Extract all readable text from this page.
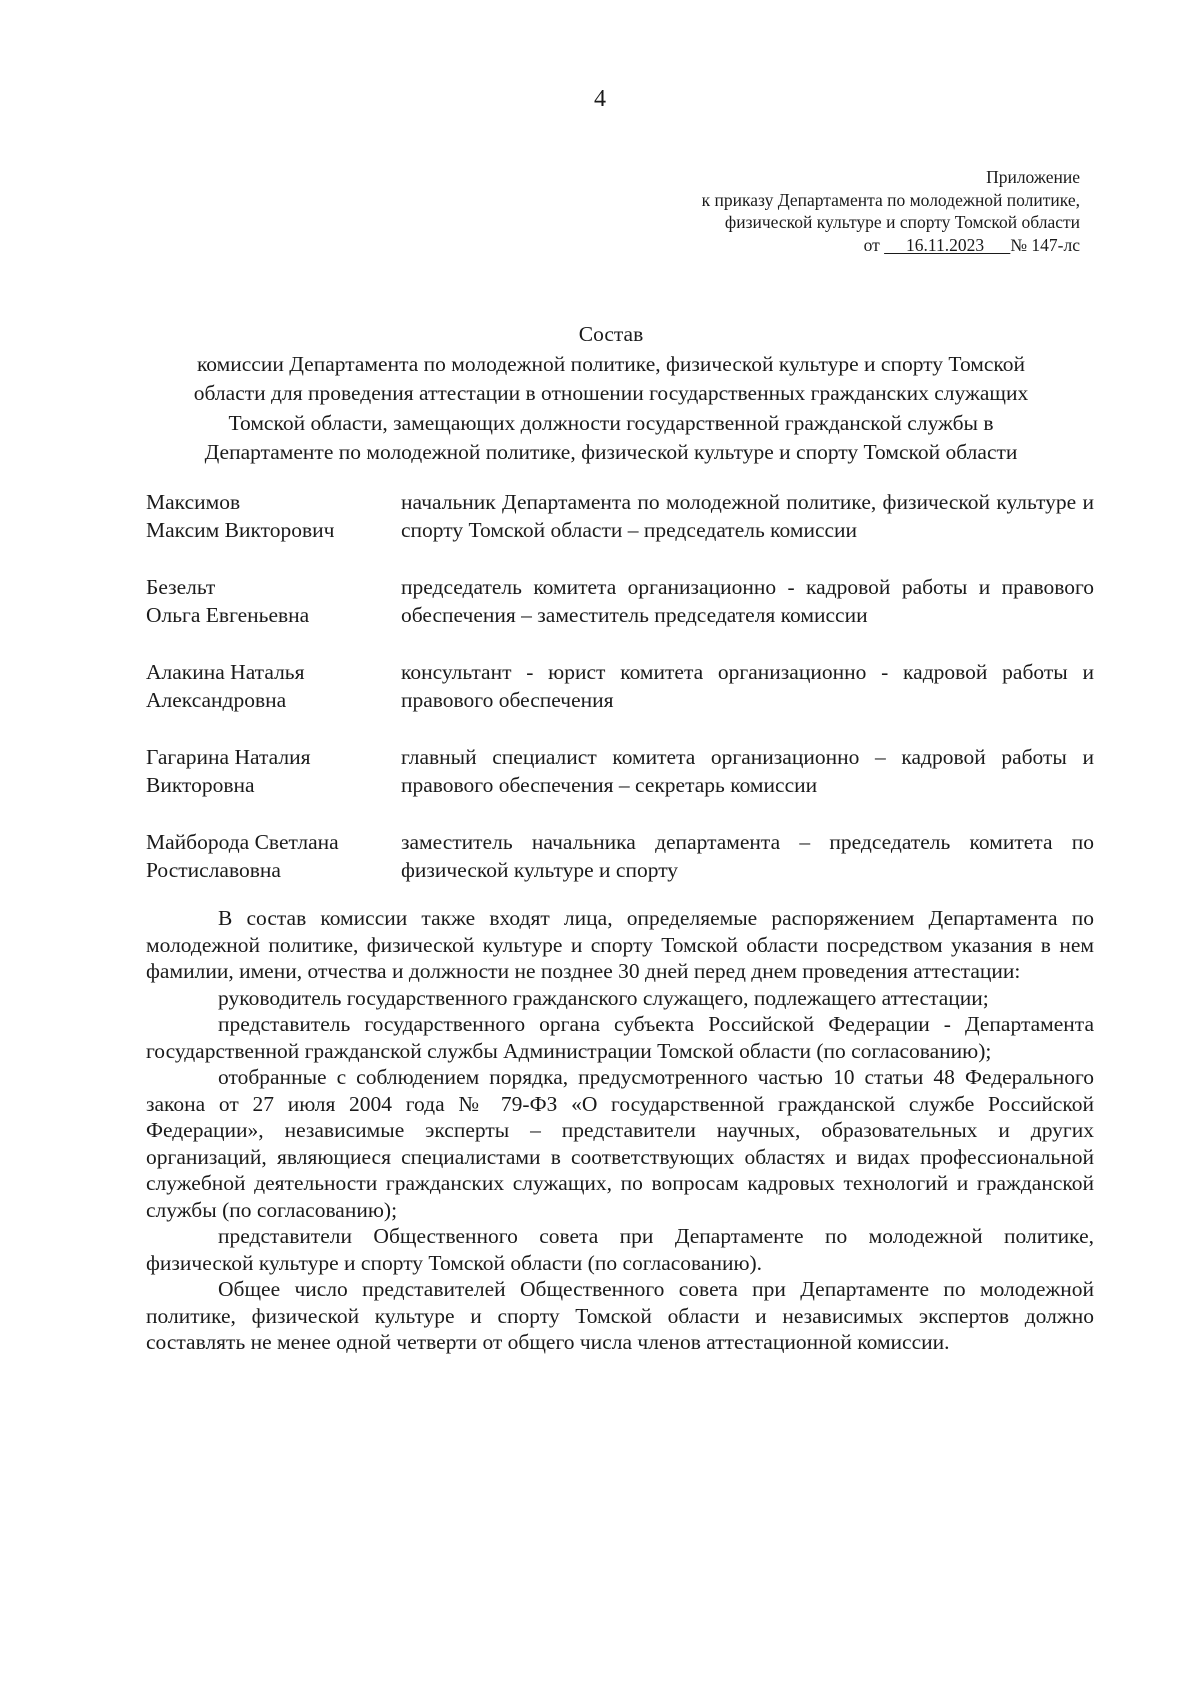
4
Приложение
к приказу Департамента по молодежной политике,
физической культуре и спорту Томской области
от      16.11.2023      № 147-лс
Состав
комиссии Департамента по молодежной политике, физической культуре и спорту Томской
области для проведения аттестации в отношении государственных гражданских служащих
Томской области, замещающих должности государственной гражданской службы в
Департаменте по молодежной политике, физической культуре и спорту Томской области
Максимов
Максим Викторович
начальник Департамента по молодежной политике, физической культуре и спорту Томской области – председатель комиссии
Безельт
Ольга Евгеньевна
председатель комитета организационно - кадровой работы и правового обеспечения – заместитель председателя комиссии
Алакина Наталья
Александровна
консультант - юрист комитета организационно - кадровой работы и правового обеспечения
Гагарина Наталия
Викторовна
главный специалист комитета организационно – кадровой работы и правового обеспечения – секретарь комиссии
Майборода Светлана
Ростиславовна
заместитель начальника департамента – председатель комитета по физической культуре и спорту

В состав комиссии также входят лица, определяемые распоряжением Департамента по молодежной политике, физической культуре и спорту Томской области посредством указания в нем фамилии, имени, отчества и должности не позднее 30 дней перед днем проведения аттестации:

руководитель государственного гражданского служащего, подлежащего аттестации;

представитель государственного органа субъекта Российской Федерации - Департамента государственной гражданской службы Администрации Томской области (по согласованию);

отобранные с соблюдением порядка, предусмотренного частью 10 статьи 48 Федерального закона от 27 июля 2004 года № 79-ФЗ «О государственной гражданской службе Российской Федерации», независимые эксперты – представители научных, образовательных и других организаций, являющиеся специалистами в соответствующих областях и видах профессиональной служебной деятельности гражданских служащих, по вопросам кадровых технологий и гражданской службы (по согласованию);

представители Общественного совета при Департаменте по молодежной политике, физической культуре и спорту Томской области (по согласованию).

Общее число представителей Общественного совета при Департаменте по молодежной политике, физической культуре и спорту Томской области и независимых экспертов должно составлять не менее одной четверти от общего числа членов аттестационной комиссии.
